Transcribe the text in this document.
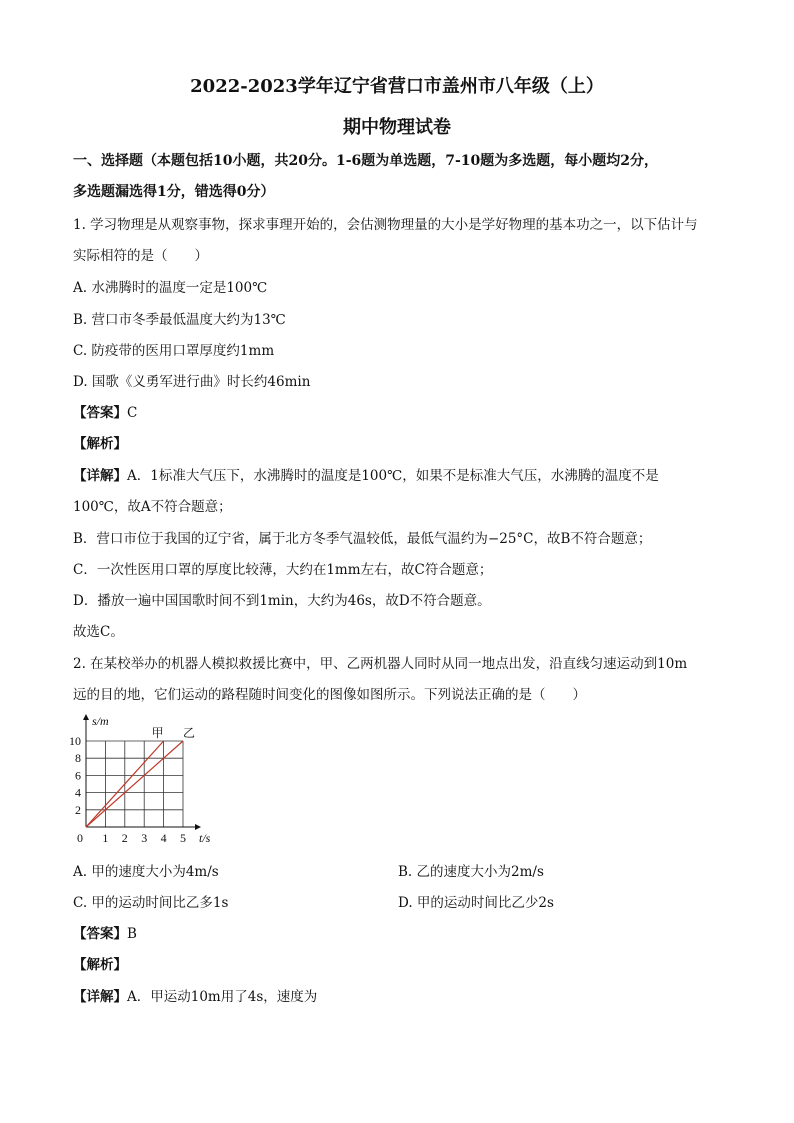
2022-2023学年辽宁省营口市盖州市八年级（上）
期中物理试卷
一、选择题（本题包括10小题，共20分。1-6题为单选题，7-10题为多选题，每小题均2分，
多选题漏选得1分，错选得0分）
1. 学习物理是从观察事物，探求事理开始的，会估测物理量的大小是学好物理的基本功之一，以下估计与
实际相符的是（　　）
A. 水沸腾时的温度一定是100℃
B. 营口市冬季最低温度大约为13℃
C. 防疫带的医用口罩厚度约1mm
D. 国歌《义勇军进行曲》时长约46min
【答案】C
【解析】
【详解】A．1标准大气压下，水沸腾时的温度是100℃，如果不是标准大气压，水沸腾的温度不是
100℃，故A不符合题意；
B．营口市位于我国的辽宁省，属于北方冬季气温较低，最低气温约为−25°C，故B不符合题意；
C．一次性医用口罩的厚度比较薄，大约在1mm左右，故C符合题意；
D．播放一遍中国国歌时间不到1min，大约为46s，故D不符合题意。
故选C。
2. 在某校举办的机器人模拟救援比赛中，甲、乙两机器人同时从同一地点出发，沿直线匀速运动到10m
远的目的地，它们运动的路程随时间变化的图像如图所示。下列说法正确的是（　　）
1 2 3 4 5
2
4
6
8
10
0	t/s
s/m
甲 乙
A. 甲的速度大小为4m/s	B. 乙的速度大小为2m/s
C. 甲的运动时间比乙多1s	D. 甲的运动时间比乙少2s
【答案】B
【解析】
【详解】A．甲运动10m用了4s，速度为
